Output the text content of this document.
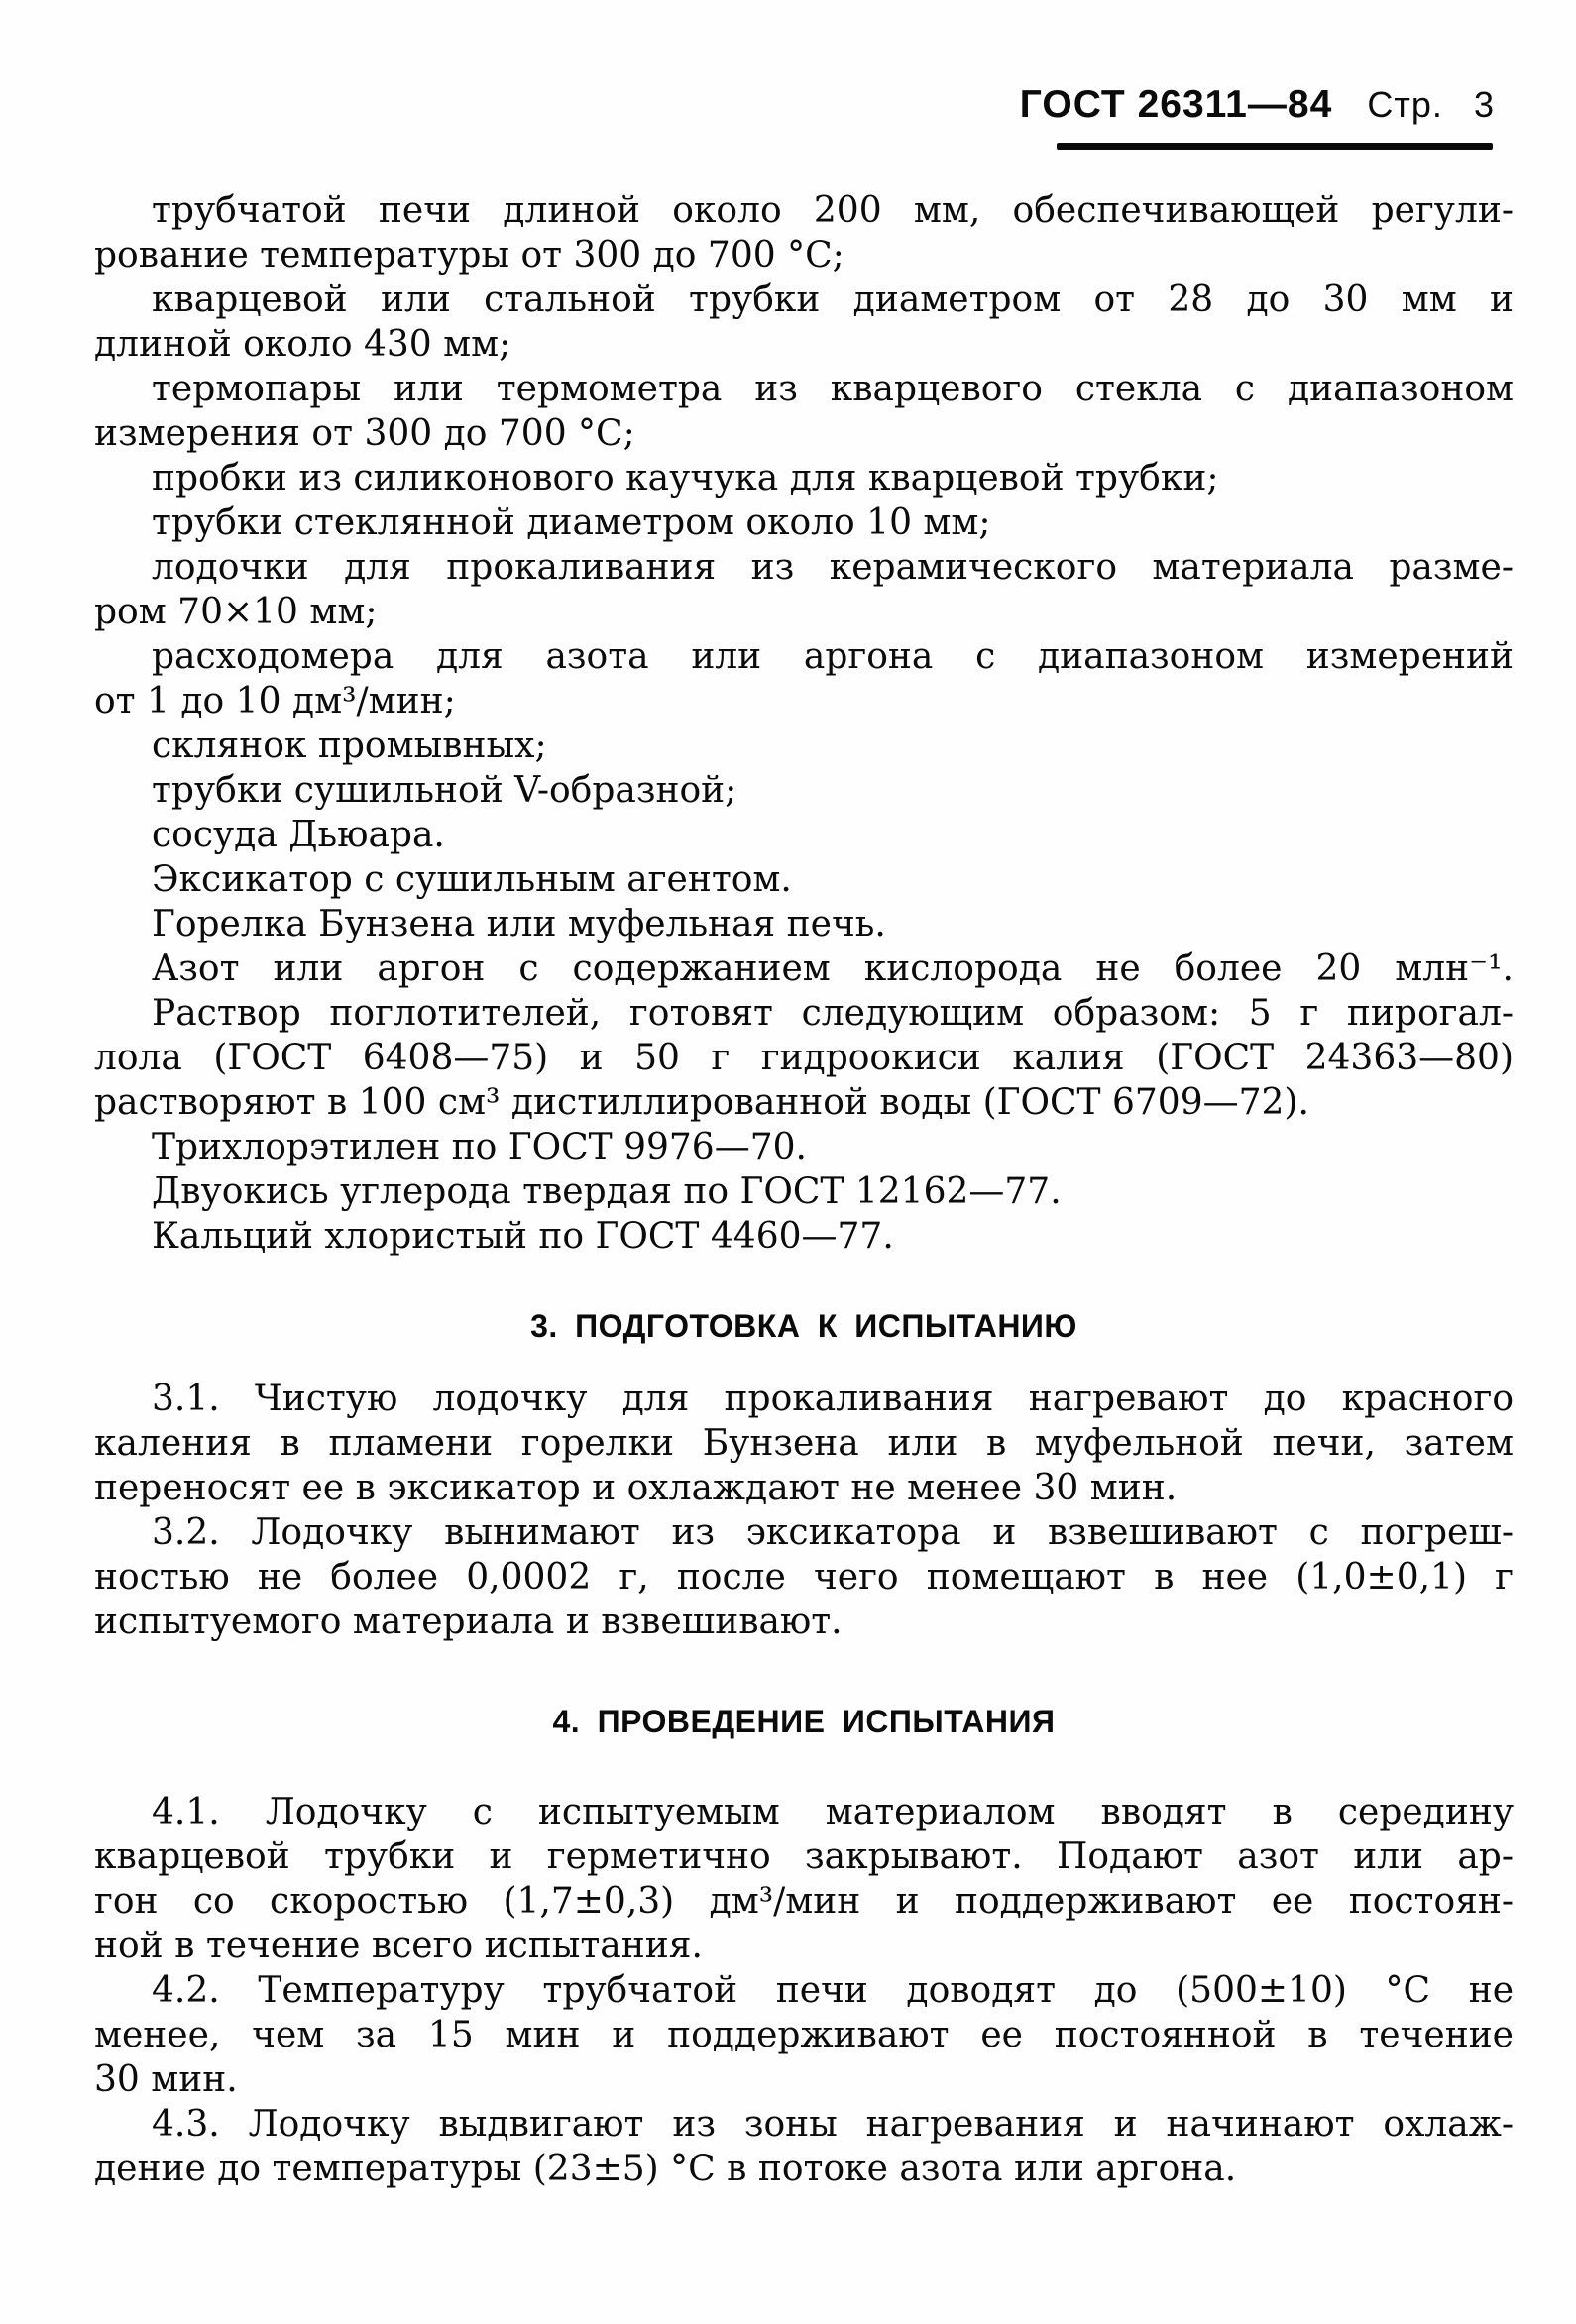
ГОСТ 26311—84 Стр. 3
трубчатой печи длиной около 200 мм, обеспечивающей регули-
рование температуры от 300 до 700 °С;
кварцевой или стальной трубки диаметром от 28 до 30 мм и
длиной около 430 мм;
термопары или термометра из кварцевого стекла с диапазоном
измерения от 300 до 700 °С;
пробки из силиконового каучука для кварцевой трубки;
трубки стеклянной диаметром около 10 мм;
лодочки для прокаливания из керамического материала разме-
ром 70×10 мм;
расходомера для азота или аргона с диапазоном измерений
от 1 до 10 дм³/мин;
склянок промывных;
трубки сушильной V-образной;
сосуда Дьюара.
Эксикатор с сушильным агентом.
Горелка Бунзена или муфельная печь.
Азот или аргон с содержанием кислорода не более 20 млн⁻¹.
Раствор поглотителей, готовят следующим образом: 5 г пирогал-
лола (ГОСТ 6408—75) и 50 г гидроокиси калия (ГОСТ 24363—80)
растворяют в 100 см³ дистиллированной воды (ГОСТ 6709—72).
Трихлорэтилен по ГОСТ 9976—70.
Двуокись углерода твердая по ГОСТ 12162—77.
Кальций хлористый по ГОСТ 4460—77.
3. ПОДГОТОВКА К ИСПЫТАНИЮ
3.1. Чистую лодочку для прокаливания нагревают до красного
каления в пламени горелки Бунзена или в муфельной печи, затем
переносят ее в эксикатор и охлаждают не менее 30 мин.
3.2. Лодочку вынимают из эксикатора и взвешивают с погреш-
ностью не более 0,0002 г, после чего помещают в нее (1,0±0,1) г
испытуемого материала и взвешивают.
4. ПРОВЕДЕНИЕ ИСПЫТАНИЯ
4.1. Лодочку с испытуемым материалом вводят в середину
кварцевой трубки и герметично закрывают. Подают азот или ар-
гон со скоростью (1,7±0,3) дм³/мин и поддерживают ее постоян-
ной в течение всего испытания.
4.2. Температуру трубчатой печи доводят до (500±10) °С не
менее, чем за 15 мин и поддерживают ее постоянной в течение
30 мин.
4.3. Лодочку выдвигают из зоны нагревания и начинают охлаж-
дение до температуры (23±5) °С в потоке азота или аргона.
